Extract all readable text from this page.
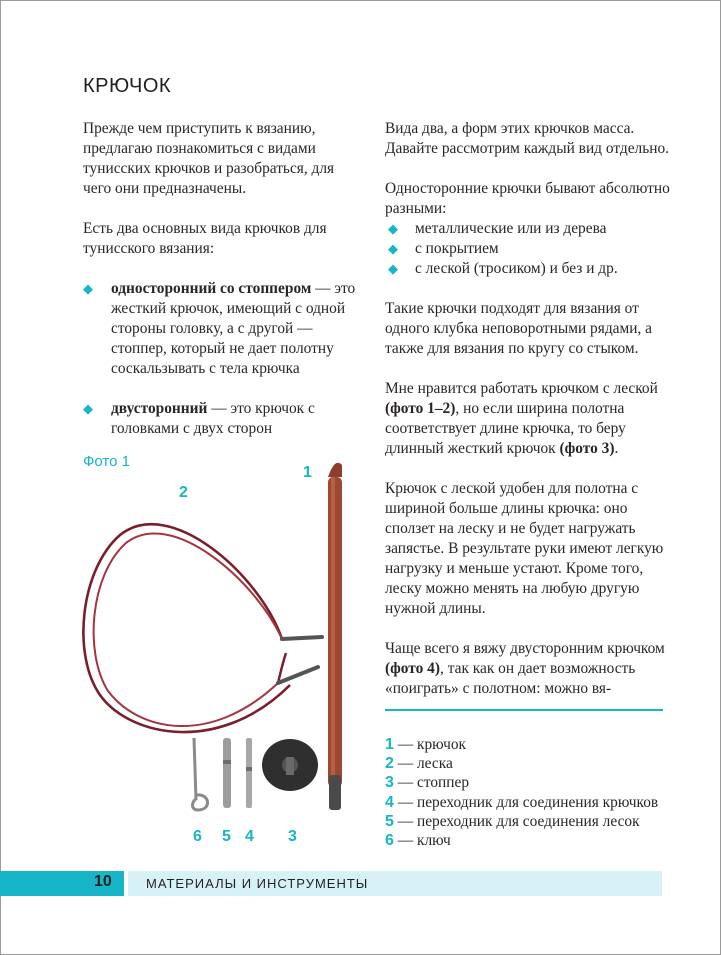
КРЮЧОК

Прежде чем приступить к вязанию, предлагаю познакомиться с видами тунисских крючков и разобраться, для чего они предназначены.

Есть два основных вида крючков для тунисского вязания:

◆ односторонний со стоппером — это жесткий крючок, имеющий с одной стороны головку, а с другой — стоппер, который не дает полотну соскальзывать с тела крючка
◆ двусторонний — это крючок с головками с двух сторон

Вида два, а форм этих крючков масса. Давайте рассмотрим каждый вид отдельно.

Односторонние крючки бывают абсолютно разными:

◆ металлические или из дерева
◆ с покрытием
◆ с леской (тросиком) и без и др.

Такие крючки подходят для вязания от одного клубка неповоротными рядами, а также для вязания по кругу со стыком.

Мне нравится работать крючком с леской (фото 1–2), но если ширина полотна соответствует длине крючка, то беру длинный жесткий крючок (фото 3).

Крючок с леской удобен для полотна с шириной больше длины крючка: оно сползет на леску и не будет нагружать запястье. В результате руки имеют легкую нагрузку и меньше устают. Кроме того, леску можно менять на любую другую нужной длины.

Чаще всего я вяжу двусторонним крючком (фото 4), так как он дает возможность «поиграть» с полотном: можно вя-

Фото 1
1
2
3
4
5
6
1 — крючок
2 — леска
3 — стоппер
4 — переходник для соединения крючков
5 — переходник для соединения лесок
6 — ключ
10	МАТЕРИАЛЫ И ИНСТРУМЕНТЫ
